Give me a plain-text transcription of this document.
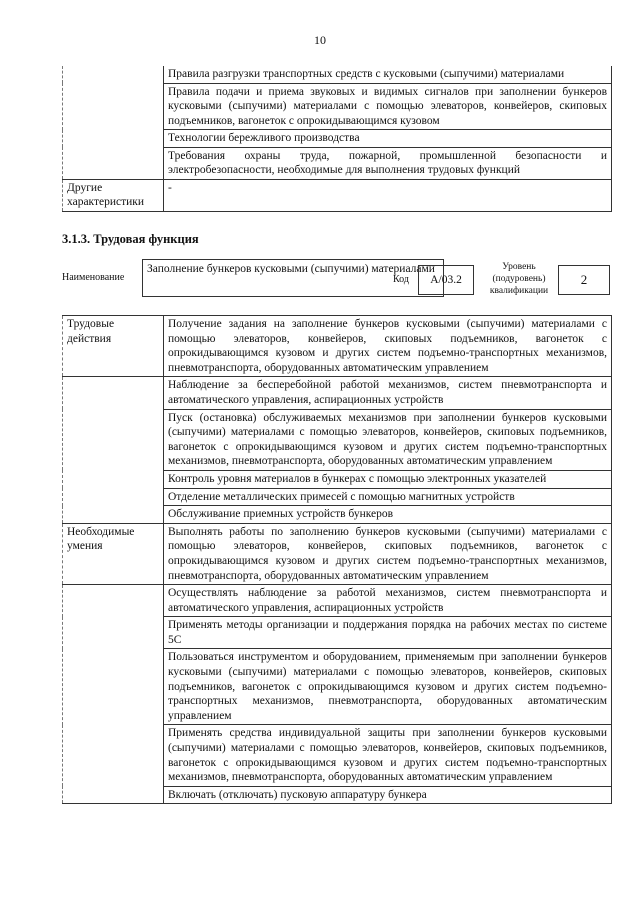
10
	Правила разгрузки транспортных средств с кусковыми (сыпучими) материалами
	Правила подачи и приема звуковых и видимых сигналов при заполнении бункеров кусковыми (сыпучими) материалами с помощью элеваторов, конвейеров, скиповых подъемников, вагонеток с опрокидывающимся кузовом
	Технологии бережливого производства
	Требования охраны труда, пожарной, промышленной безопасности и электробезопасности, необходимые для выполнения трудовых функций
Другие характеристики	-
3.1.3. Трудовая функция
Наименование
Заполнение бункеров кусковыми (сыпучими) материалами
Код	А/03.2
Уровень (подуровень) квалификации
2
Трудовые действия	Получение задания на заполнение бункеров кусковыми (сыпучими) материалами с помощью элеваторов, конвейеров, скиповых подъемников, вагонеток с опрокидывающимся кузовом и других систем подъемно-транспортных механизмов, пневмотранспорта, оборудованных автоматическим управлением
	Наблюдение за бесперебойной работой механизмов, систем пневмотранспорта и автоматического управления, аспирационных устройств
	Пуск (остановка) обслуживаемых механизмов при заполнении бункеров кусковыми (сыпучими) материалами с помощью элеваторов, конвейеров, скиповых подъемников, вагонеток с опрокидывающимся кузовом и других систем подъемно-транспортных механизмов, пневмотранспорта, оборудованных автоматическим управлением
	Контроль уровня материалов в бункерах с помощью электронных указателей
	Отделение металлических примесей с помощью магнитных устройств
	Обслуживание приемных устройств бункеров
Необходимые умения	Выполнять работы по заполнению бункеров кусковыми (сыпучими) материалами с помощью элеваторов, конвейеров, скиповых подъемников, вагонеток с опрокидывающимся кузовом и других систем подъемно-транспортных механизмов, пневмотранспорта, оборудованных автоматическим управлением
	Осуществлять наблюдение за работой механизмов, систем пневмотранспорта и автоматического управления, аспирационных устройств
	Применять методы организации и поддержания порядка на рабочих местах по системе 5С
	Пользоваться инструментом и оборудованием, применяемым при заполнении бункеров кусковыми (сыпучими) материалами с помощью элеваторов, конвейеров, скиповых подъемников, вагонеток с опрокидывающимся кузовом и других систем подъемно-транспортных механизмов, пневмотранспорта, оборудованных автоматическим управлением
	Применять средства индивидуальной защиты при заполнении бункеров кусковыми (сыпучими) материалами с помощью элеваторов, конвейеров, скиповых подъемников, вагонеток с опрокидывающимся кузовом и других систем подъемно-транспортных механизмов, пневмотранспорта, оборудованных автоматическим управлением
	Включать (отключать) пусковую аппаратуру бункера
